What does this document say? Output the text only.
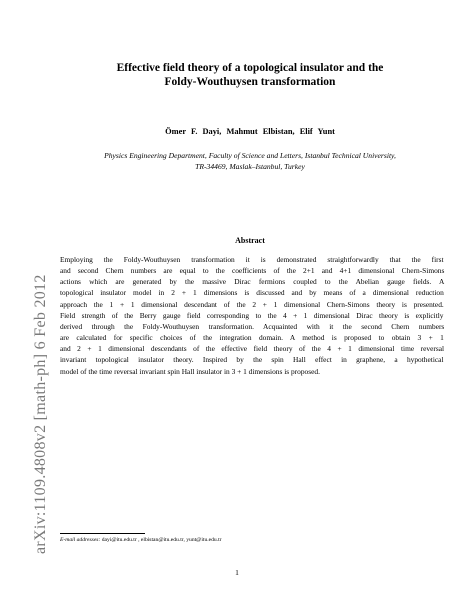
arXiv:1109.4808v2 [math-ph] 6 Feb 2012
Effective field theory of a topological insulator and the
Foldy-Wouthuysen transformation
Ömer F. Dayi, Mahmut Elbistan, Elif Yunt
Physics Engineering Department, Faculty of Science and Letters, Istanbul Technical University,
TR-34469, Maslak–Istanbul, Turkey
Abstract
Employing the Foldy-Wouthuysen transformation it is demonstrated straightforwardly that the first
and second Chern numbers are equal to the coefficients of the 2+1 and 4+1 dimensional Chern-Simons
actions which are generated by the massive Dirac fermions coupled to the Abelian gauge fields. A
topological insulator model in 2 + 1 dimensions is discussed and by means of a dimensional reduction
approach the 1 + 1 dimensional descendant of the 2 + 1 dimensional Chern-Simons theory is presented.
Field strength of the Berry gauge field corresponding to the 4 + 1 dimensional Dirac theory is explicitly
derived through the Foldy-Wouthuysen transformation. Acquainted with it the second Chern numbers
are calculated for specific choices of the integration domain. A method is proposed to obtain 3 + 1
and 2 + 1 dimensional descendants of the effective field theory of the 4 + 1 dimensional time reversal
invariant topological insulator theory. Inspired by the spin Hall effect in graphene, a hypothetical
model of the time reversal invariant spin Hall insulator in 3 + 1 dimensions is proposed.
E-mail addresses: dayi@itu.edu.tr , elbistan@itu.edu.tr, yunt@itu.edu.tr
1
